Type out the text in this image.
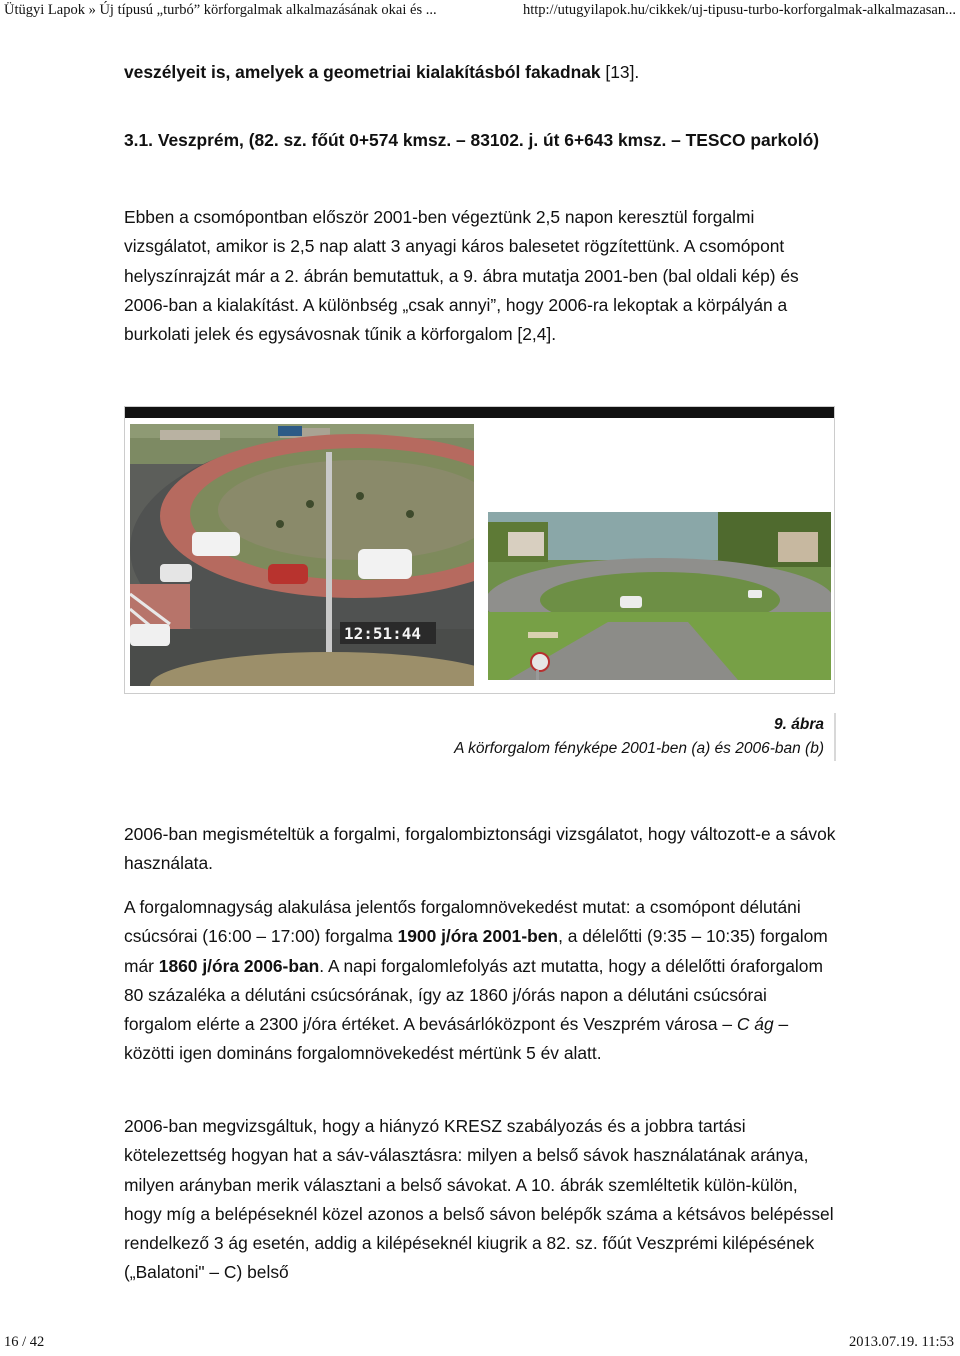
Ütügyi Lapok » Új típusú „turbó” körforgalmak alkalmazásának okai és ...	http://utugyilapok.hu/cikkek/uj-tipusu-turbo-korforgalmak-alkalmazasan...

veszélyeit is, amelyek a geometriai kialakításból fakadnak [13].

3.1. Veszprém, (82. sz. főút 0+574 kmsz. – 83102. j. út 6+643 kmsz. – TESCO parkoló)

Ebben a csomópontban először 2001-ben végeztünk 2,5 napon keresztül forgalmi vizsgálatot, amikor is 2,5 nap alatt 3 anyagi káros balesetet rögzítettünk. A csomópont helyszínrajzát már a 2. ábrán bemutattuk, a 9. ábra mutatja 2001-ben (bal oldali kép) és 2006-ban a kialakítást. A különbség „csak annyi”, hogy 2006-ra lekoptak a körpályán a burkolati jelek és egysávosnak tűnik a körforgalom [2,4].

12:51:44
9. ábra
A körforgalom fényképe 2001-ben (a) és 2006-ban (b)

2006-ban megismételtük a forgalmi, forgalombiztonsági vizsgálatot, hogy változott-e a sávok használata.

A forgalomnagyság alakulása jelentős forgalomnövekedést mutat: a csomópont délutáni csúcsórai (16:00 – 17:00) forgalma 1900 j/óra 2001-ben, a délelőtti (9:35 – 10:35) forgalom már 1860 j/óra 2006-ban. A napi forgalomlefolyás azt mutatta, hogy a délelőtti óraforgalom 80 százaléka a délutáni csúcsórának, így az 1860 j/órás napon a délutáni csúcsórai forgalom elérte a 2300 j/óra értéket. A bevásárlóközpont és Veszprém városa – C ág – közötti igen domináns forgalomnövekedést mértünk 5 év alatt.

2006-ban megvizsgáltuk, hogy a hiányzó KRESZ szabályozás és a jobbra tartási kötelezettség hogyan hat a sáv-választásra: milyen a belső sávok használatának aránya, milyen arányban merik választani a belső sávokat. A 10. ábrák szemléltetik külön-külön, hogy míg a belépéseknél közel azonos a belső sávon belépők száma a kétsávos belépéssel rendelkező 3 ág esetén, addig a kilépéseknél kiugrik a 82. sz. főút Veszprémi kilépésének („Balatoni" – C) belső

16 / 42	2013.07.19. 11:53
